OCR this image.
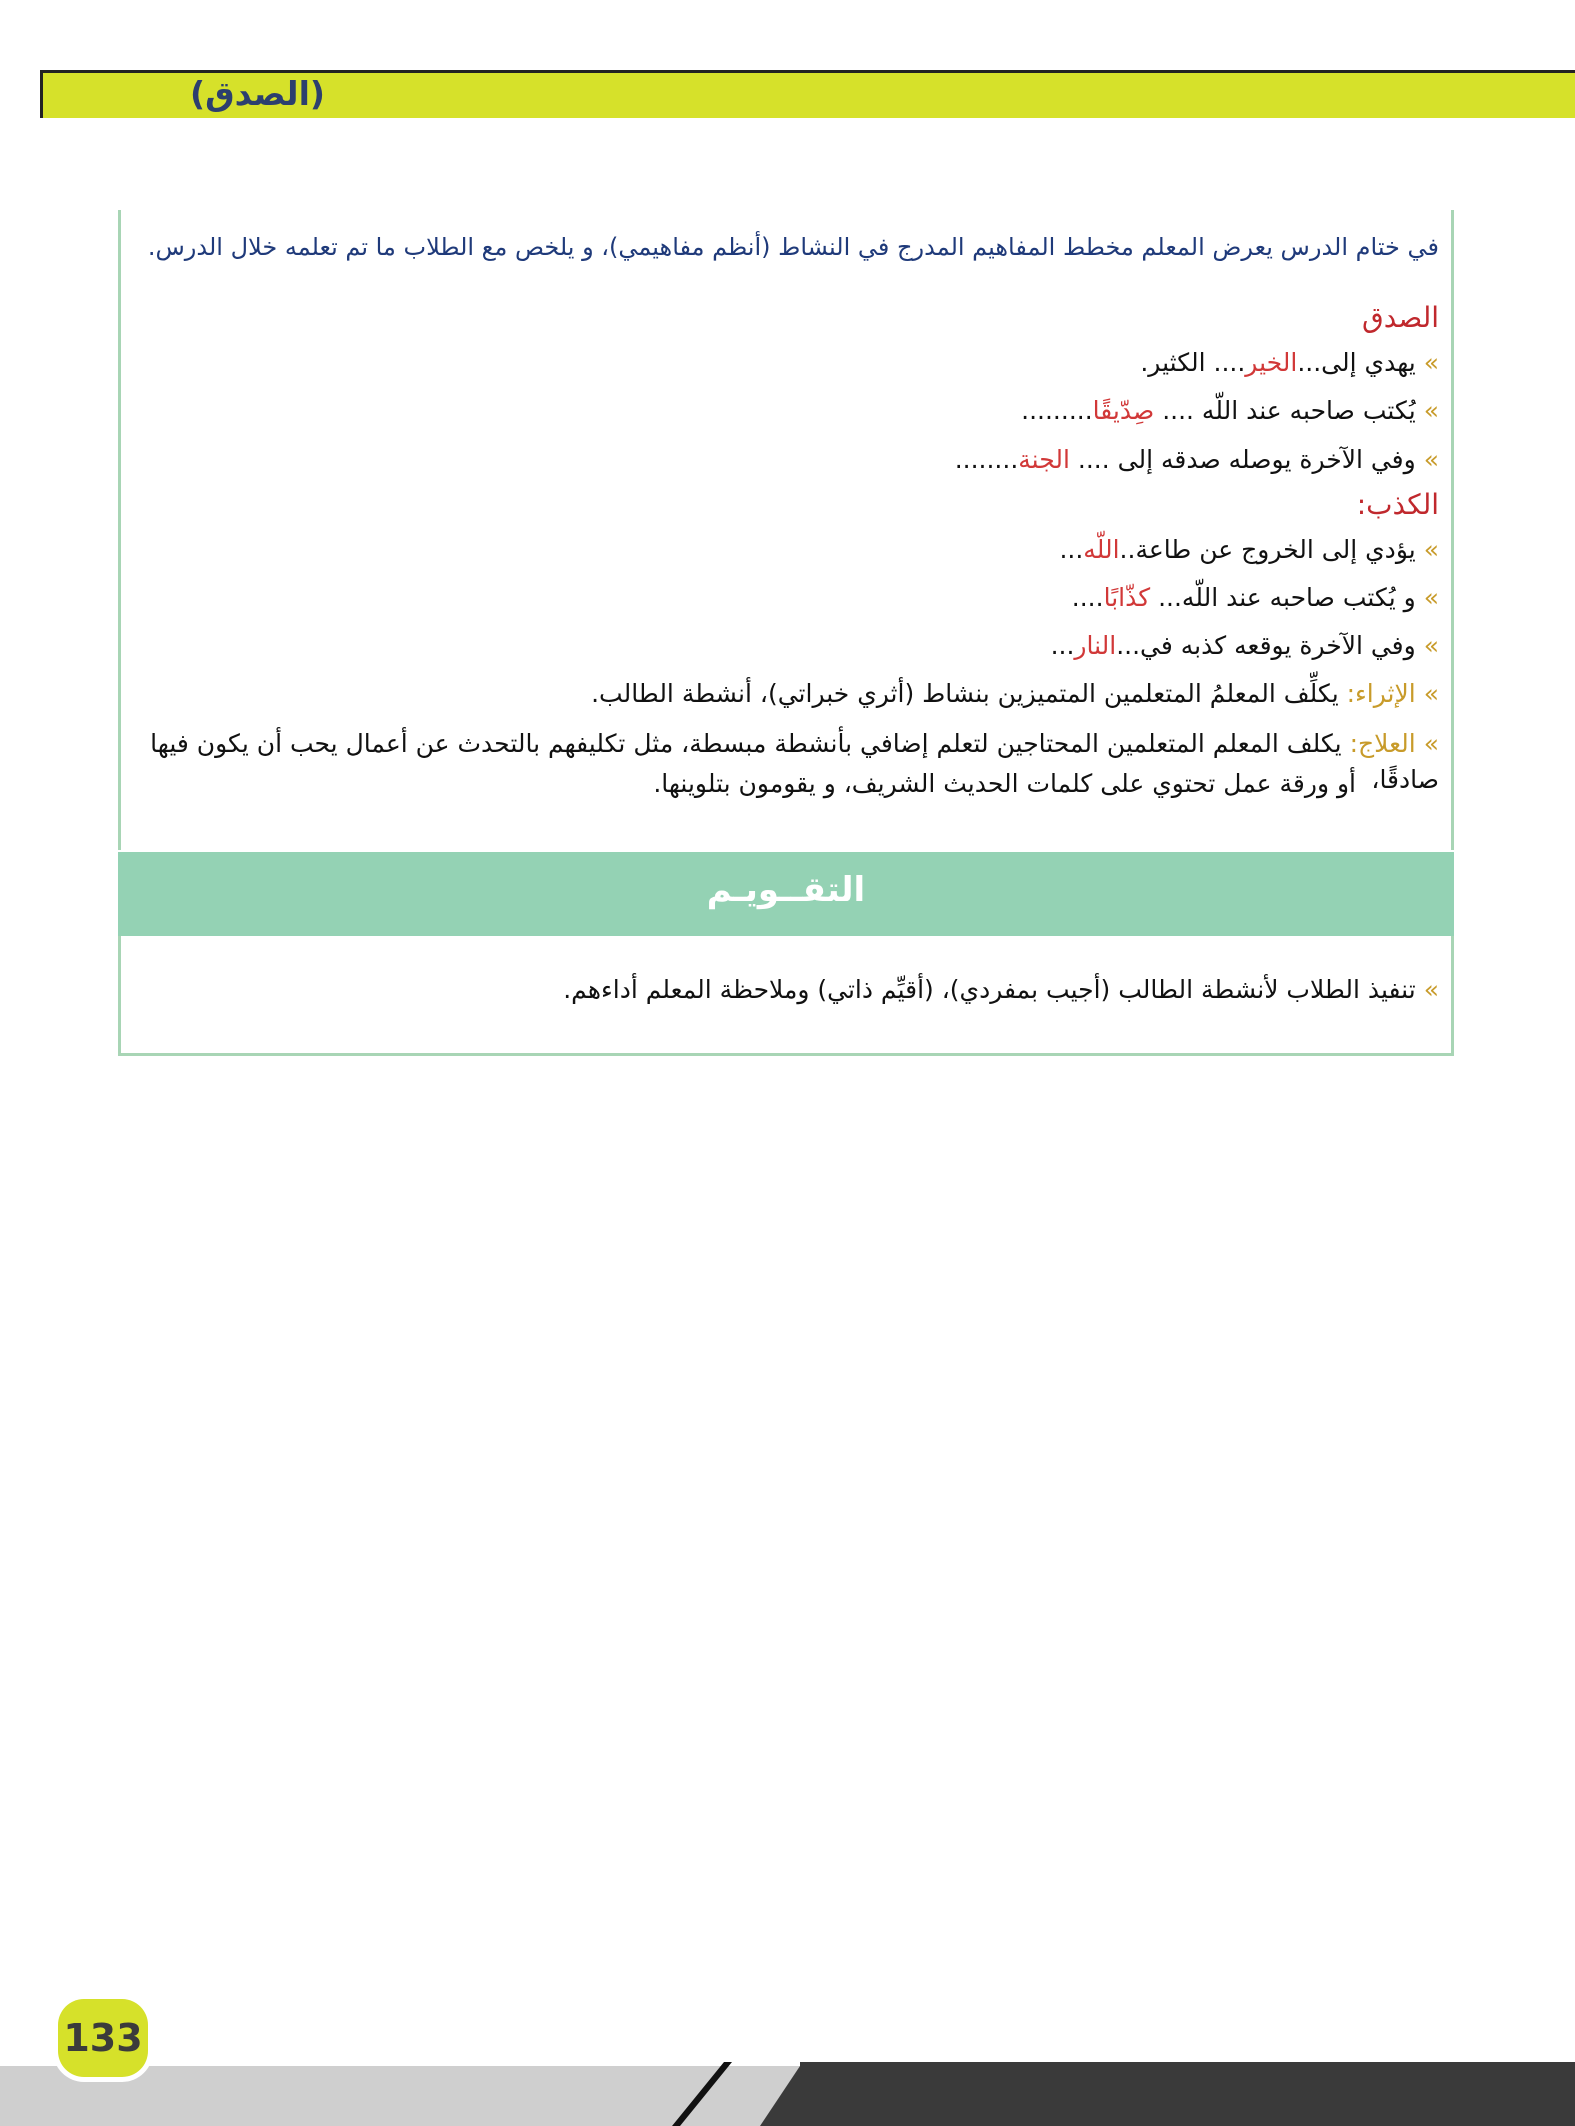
(الصدق)
في ختام الدرس يعرض المعلم مخطط المفاهيم المدرج في النشاط (أنظم مفاهيمي)، و يلخص مع الطلاب ما تم تعلمه خلال الدرس.
الصدق
»يهدي إلى...الخير.... الكثير.
»يُكتب صاحبه عند اللّه .... صِدّيقًا.........
»وفي الآخرة يوصله صدقه إلى .... الجنة........
الكذب:
»يؤدي إلى الخروج عن طاعة..اللّه...
»و يُكتب صاحبه عند اللّه... كذّابًا....
»وفي الآخرة يوقعه كذبه في...النار...
»الإثراء: يكلِّف المعلمُ المتعلمين المتميزين بنشاط (أثري خبراتي)، أنشطة الطالب.
»العلاج: يكلف المعلم المتعلمين المحتاجين لتعلم إضافي بأنشطة مبسطة، مثل تكليفهم بالتحدث عن أعمال يحب أن يكون فيها صادقًا،
أو ورقة عمل تحتوي على كلمات الحديث الشريف، و يقومون بتلوينها.
التقــويـم
»تنفيذ الطلاب لأنشطة الطالب (أجيب بمفردي)، (أقيِّم ذاتي) وملاحظة المعلم أداءهم.
133
